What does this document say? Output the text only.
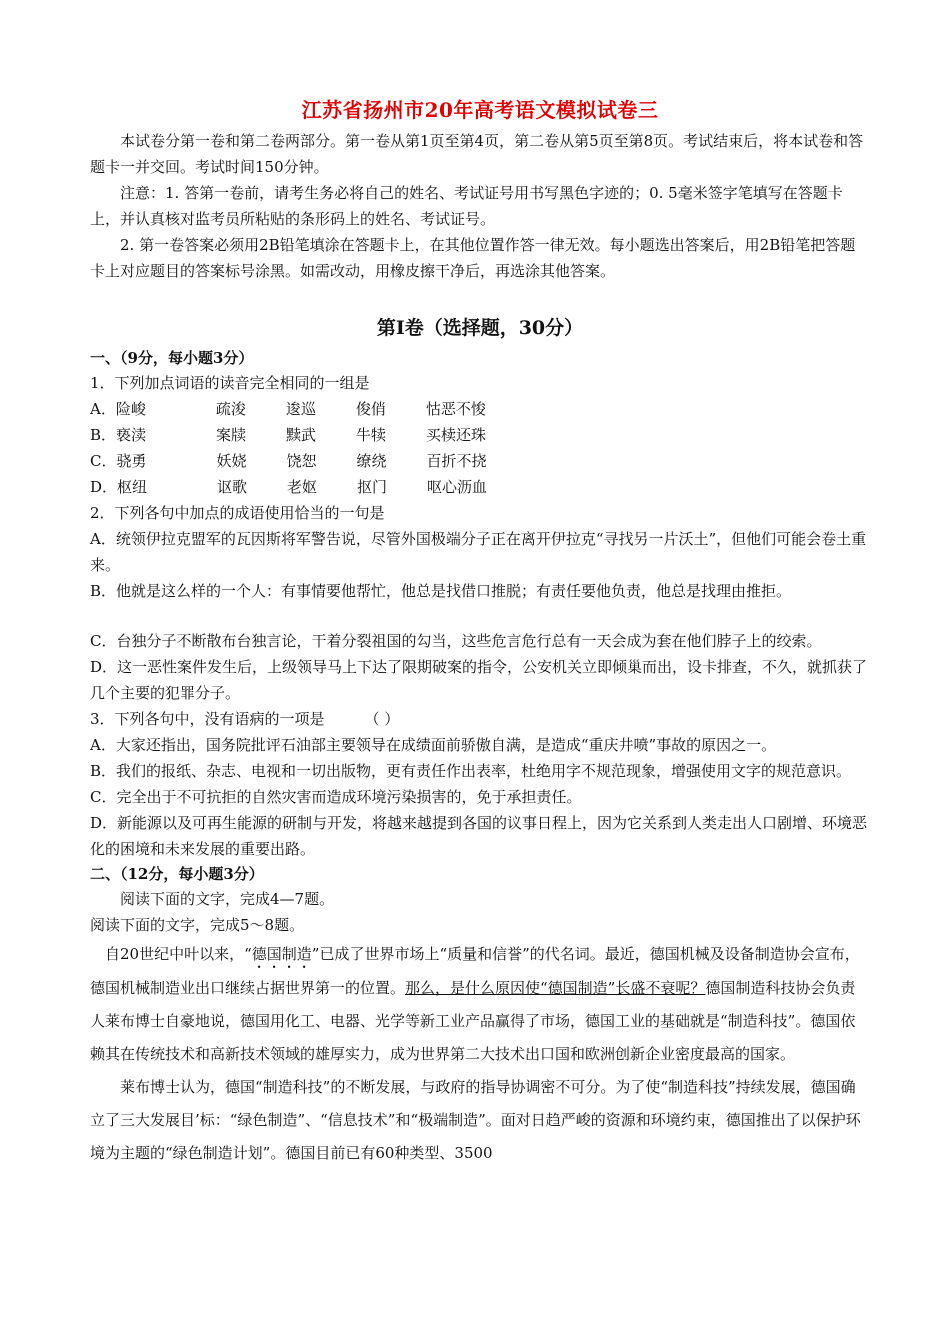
江苏省扬州市20年高考语文模拟试卷三

本试卷分第一卷和第二卷两部分。第一卷从第1页至第4页，第二卷从第5页至第8页。考试结束后，将本试卷和答题卡一并交回。考试时间150分钟。

注意：1. 答第一卷前，请考生务必将自己的姓名、考试证号用书写黑色字迹的；0. 5毫米签字笔填写在答题卡上，并认真核对监考员所粘贴的条形码上的姓名、考试证号。

2. 第一卷答案必须用2B铅笔填涂在答题卡上，在其他位置作答一律无效。每小题选出答案后，用2B铅笔把答题卡上对应题目的答案标号涂黑。如需改动，用橡皮擦干净后，再选涂其他答案。

第Ⅰ卷（选择题，30分）
一、（9分，每小题3分）

1．下列加点词语的读音完全相同的一组是

A．险峻	疏浚	逡巡	俊俏	怙恶不悛
B．亵渎	案牍	黩武	牛犊	买椟还珠
C．骁勇	妖娆	饶恕	缭绕	百折不挠
D．枢纽	讴歌	老妪	抠门	呕心沥血

2．下列各句中加点的成语使用恰当的一句是

A．统领伊拉克盟军的瓦因斯将军警告说，尽管外国极端分子正在离开伊拉克“寻找另一片沃土”，但他们可能会卷土重来。

B．他就是这么样的一个人：有事情要他帮忙，他总是找借口推脱；有责任要他负责，他总是找理由推拒。

C．台独分子不断散布台独言论，干着分裂祖国的勾当，这些危言危行总有一天会成为套在他们脖子上的绞索。

D．这一恶性案件发生后，上级领导马上下达了限期破案的指令，公安机关立即倾巢而出，设卡排查，不久，就抓获了几个主要的犯罪分子。

3．下列各句中，没有语病的一项是	（ ）

A．大家还指出，国务院批评石油部主要领导在成绩面前骄傲自满，是造成“重庆井喷”事故的原因之一。

B．我们的报纸、杂志、电视和一切出版物，更有责任作出表率，杜绝用字不规范现象，增强使用文字的规范意识。

C．完全出于不可抗拒的自然灾害而造成环境污染损害的，免于承担责任。

D．新能源以及可再生能源的研制与开发，将越来越提到各国的议事日程上，因为它关系到人类走出人口剧增、环境恶化的困境和未来发展的重要出路。

二、（12分，每小题3分）

阅读下面的文字，完成4—7题。

阅读下面的文字，完成5～8题。

自20世纪中叶以来，“德国制造”已成了世界市场上“质量和信誉”的代名词。最近，德国机械及设备制造协会宣布，德国机械制造业出口继续占据世界第一的位置。那么，是什么原因使“德国制造”长盛不衰呢？德国制造科技协会负责人莱布博士自豪地说，德国用化工、电器、光学等新工业产品赢得了市场，德国工业的基础就是“制造科技”。德国依赖其在传统技术和高新技术领域的雄厚实力，成为世界第二大技术出口国和欧洲创新企业密度最高的国家。

莱布博士认为，德国“制造科技”的不断发展，与政府的指导协调密不可分。为了使“制造科技”持续发展，德国确立了三大发展目’标：“绿色制造”、“信息技术”和“极端制造”。面对日趋严峻的资源和环境约束，德国推出了以保护环境为主题的“绿色制造计划”。德国目前已有60种类型、3500
